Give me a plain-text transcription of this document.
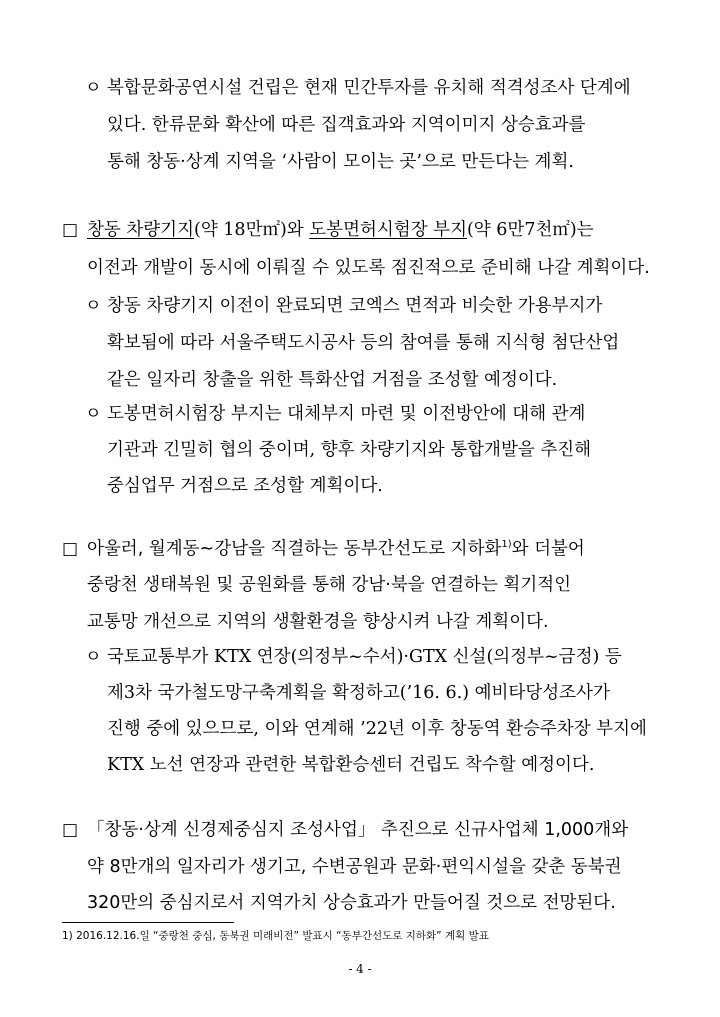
ㅇ 복합문화공연시설 건립은 현재 민간투자를 유치해 적격성조사 단계에
있다. 한류문화 확산에 따른 집객효과와 지역이미지 상승효과를
통해 창동·상계 지역을 ‘사람이 모이는 곳’으로 만든다는 계획.
□ 창동 차량기지(약 18만㎡)와 도봉면허시험장 부지(약 6만7천㎡)는
이전과 개발이 동시에 이뤄질 수 있도록 점진적으로 준비해 나갈 계획이다.
ㅇ 창동 차량기지 이전이 완료되면 코엑스 면적과 비슷한 가용부지가
확보됨에 따라 서울주택도시공사 등의 참여를 통해 지식형 첨단산업
같은 일자리 창출을 위한 특화산업 거점을 조성할 예정이다.
ㅇ 도봉면허시험장 부지는 대체부지 마련 및 이전방안에 대해 관계
기관과 긴밀히 협의 중이며, 향후 차량기지와 통합개발을 추진해
중심업무 거점으로 조성할 계획이다.
□ 아울러, 월계동~강남을 직결하는 동부간선도로 지하화$^{1)}$와 더불어
중랑천 생태복원 및 공원화를 통해 강남·북을 연결하는 획기적인
교통망 개선으로 지역의 생활환경을 향상시켜 나갈 계획이다.
ㅇ 국토교통부가 KTX 연장(의정부~수서)·GTX 신설(의정부~금정) 등
제3차 국가철도망구축계획을 확정하고(’16. 6.) 예비타당성조사가
진행 중에 있으므로, 이와 연계해 ’22년 이후 창동역 환승주차장 부지에
KTX 노선 연장과 관련한 복합환승센터 건립도 착수할 예정이다.
□ 「창동·상계 신경제중심지 조성사업」 추진으로 신규사업체 1,000개와
약 8만개의 일자리가 생기고, 수변공원과 문화·편익시설을 갖춘 동북권
320만의 중심지로서 지역가치 상승효과가 만들어질 것으로 전망된다.
1) 2016.12.16.일 “중랑천 중심, 동북권 미래비전” 발표시 “동부간선도로 지하화” 계획 발표
- 4 -
